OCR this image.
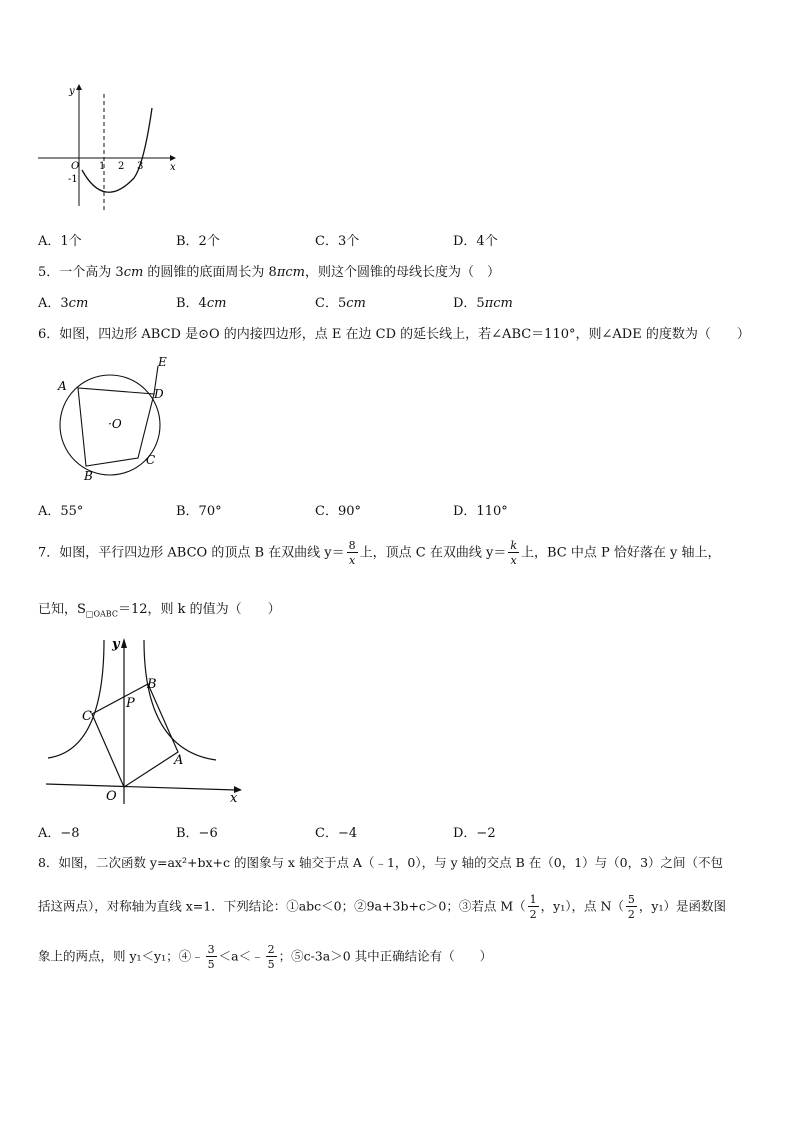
y
x
O 1 2 3
-1
A．1个	B．2个	C．3个	D．4个
5．一个高为 3cm 的圆锥的底面周长为 8πcm，则这个圆锥的母线长度为（　）
A．3cm	B．4cm	C．5cm	D．5πcm
6．如图，四边形 ABCD 是⊙O 的内接四边形，点 E 在边 CD 的延长线上，若∠ABC＝110°，则∠ADE 的度数为（　　）
A
B
C
D
E
·O
A．55°	B．70°	C．90°	D．110°
7．如图，平行四边形 ABCO 的顶点 B 在双曲线 $y= \frac{8}{x}$ 上，顶点 C 在双曲线 $y= \frac{k}{x}$ 上，BC 中点 P 恰好落在 y 轴上，
已知，$S_{□OABC}=12$，则 k 的值为（　　）
y
x
O
A
B
C
P
A．−8	B．−6	C．−4	D．−2
8．如图，二次函数 y=ax²+bx+c 的图象与 x 轴交于点 A（﹣1，0），与 y 轴的交点 B 在（0，1）与（0，3）之间（不包
括这两点），对称轴为直线 x=1．下列结论：①abc＜0；②9a+3b+c＞0；③若点 $M( \frac{1}{2}$ ，y₁），点 $N( \frac{5}{2}$ ，y₁）是函数图
象上的两点，则 y₁＜y₁；④﹣ $\frac{3}{5}$ ＜a＜﹣ $\frac{2}{5}$ ；⑤c-3a＞0 其中正确结论有（　　）
